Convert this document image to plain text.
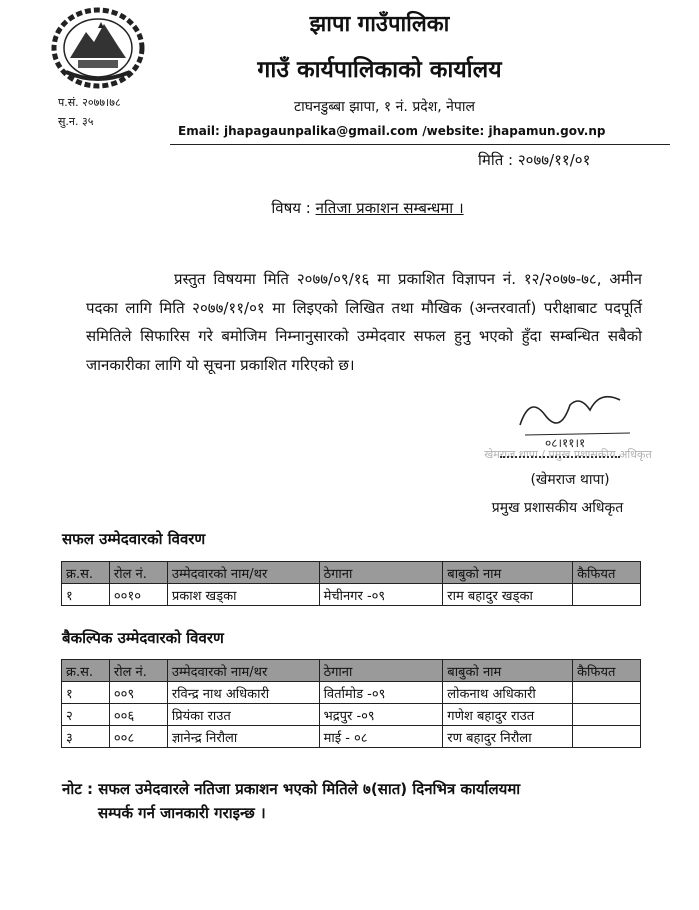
प.सं. २०७७।७८
सु.न. ३५
झापा गाउँपालिका
गाउँ कार्यपालिकाको कार्यालय
टाघनडुब्बा झापा, १ नं. प्रदेश, नेपाल
Email: jhapagaunpalika@gmail.com /website: jhapamun.gov.np
मिति : २०७७/११/०१
विषय : नतिजा प्रकाशन सम्बन्धमा ।
प्रस्तुत विषयमा मिति २०७७/०९/१६ मा प्रकाशित विज्ञापन नं. १२/२०७७-७८, अमीन पदका लागि मिति २०७७/११/०१ मा लिइएको लिखित तथा मौखिक (अन्तरवार्ता) परीक्षाबाट पदपूर्ति समितिले सिफारिस गरे बमोजिम निम्नानुसारको उम्मेदवार सफल हुनु भएको हुँदा सम्बन्धित सबैको जानकारीका लागि यो सूचना प्रकाशित गरिएको छ।
०८।११।१
खेमराज थापा / प्रमुख प्रशासकीय अधिकृत
(खेमराज थापा)
प्रमुख प्रशासकीय अधिकृत
सफल उम्मेदवारको विवरण
क्र.स.	रोल नं.	उम्मेदवारको नाम/थर	ठेगाना	बाबुको नाम	कैफियत
१	००१०	प्रकाश खड्का	मेचीनगर -०९	राम बहादुर खड्का	
बैकल्पिक उम्मेदवारको विवरण
क्र.स.	रोल नं.	उम्मेदवारको नाम/थर	ठेगाना	बाबुको नाम	कैफियत
१	००९	रविन्द्र नाथ अधिकारी	विर्तामोड -०९	लोकनाथ अधिकारी	
२	००६	प्रियंका राउत	भद्रपुर -०९	गणेश बहादुर राउत	
३	००८	ज्ञानेन्द्र निरौला	माई - ०८	रण बहादुर निरौला	
नोट : सफल उमेदवारले नतिजा प्रकाशन भएको मितिले ७(सात) दिनभित्र कार्यालयमा
सम्पर्क गर्न जानकारी गराइन्छ ।
